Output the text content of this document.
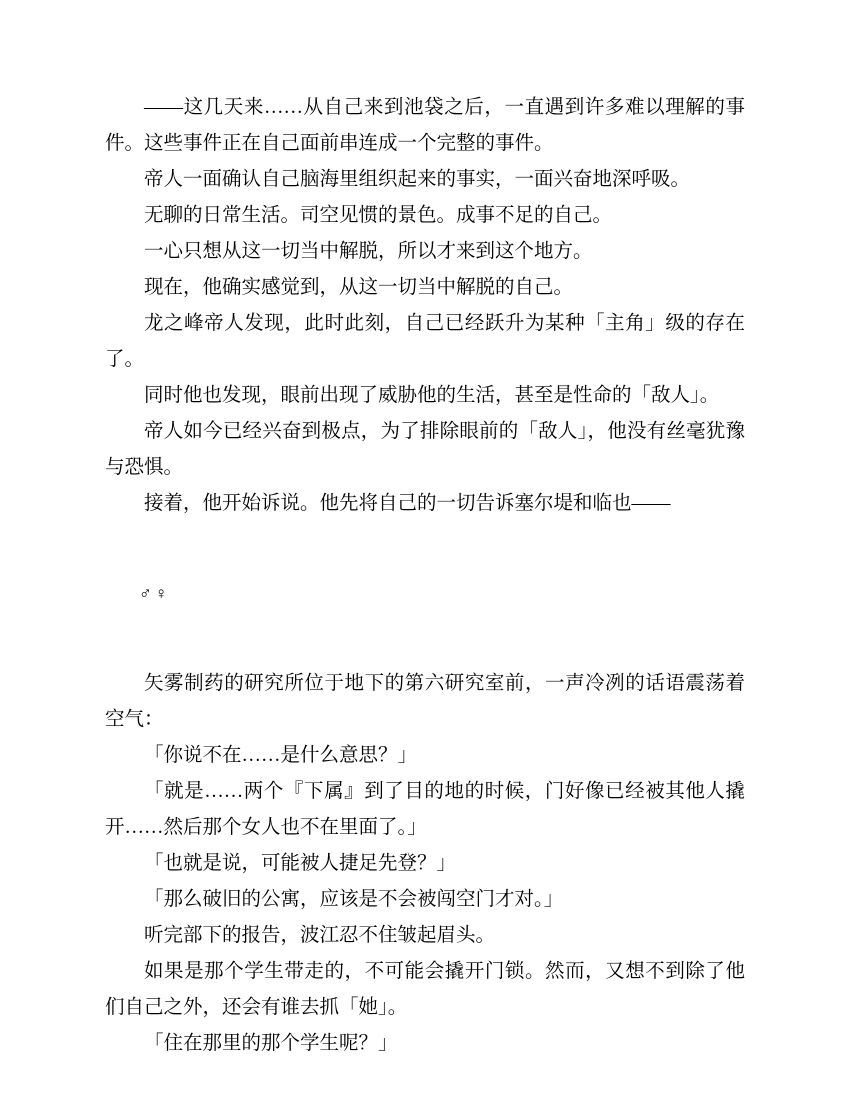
——这几天来……从自己来到池袋之后，一直遇到许多难以理解的事件。这些事件正在自己面前串连成一个完整的事件。

帝人一面确认自己脑海里组织起来的事实，一面兴奋地深呼吸。

无聊的日常生活。司空见惯的景色。成事不足的自己。

一心只想从这一切当中解脱，所以才来到这个地方。

现在，他确实感觉到，从这一切当中解脱的自己。

龙之峰帝人发现，此时此刻，自己已经跃升为某种「主角」级的存在了。

同时他也发现，眼前出现了威胁他的生活，甚至是性命的「敌人」。

帝人如今已经兴奋到极点，为了排除眼前的「敌人」，他没有丝毫犹豫与恐惧。

接着，他开始诉说。他先将自己的一切告诉塞尔堤和临也——

♂♀

矢雾制药的研究所位于地下的第六研究室前，一声冷冽的话语震荡着空气：

「你说不在……是什么意思？」

「就是……两个『下属』到了目的地的时候，门好像已经被其他人撬开……然后那个女人也不在里面了。」

「也就是说，可能被人捷足先登？」

「那么破旧的公寓，应该是不会被闯空门才对。」

听完部下的报告，波江忍不住皱起眉头。

如果是那个学生带走的，不可能会撬开门锁。然而，又想不到除了他们自己之外，还会有谁去抓「她」。

「住在那里的那个学生呢？」
